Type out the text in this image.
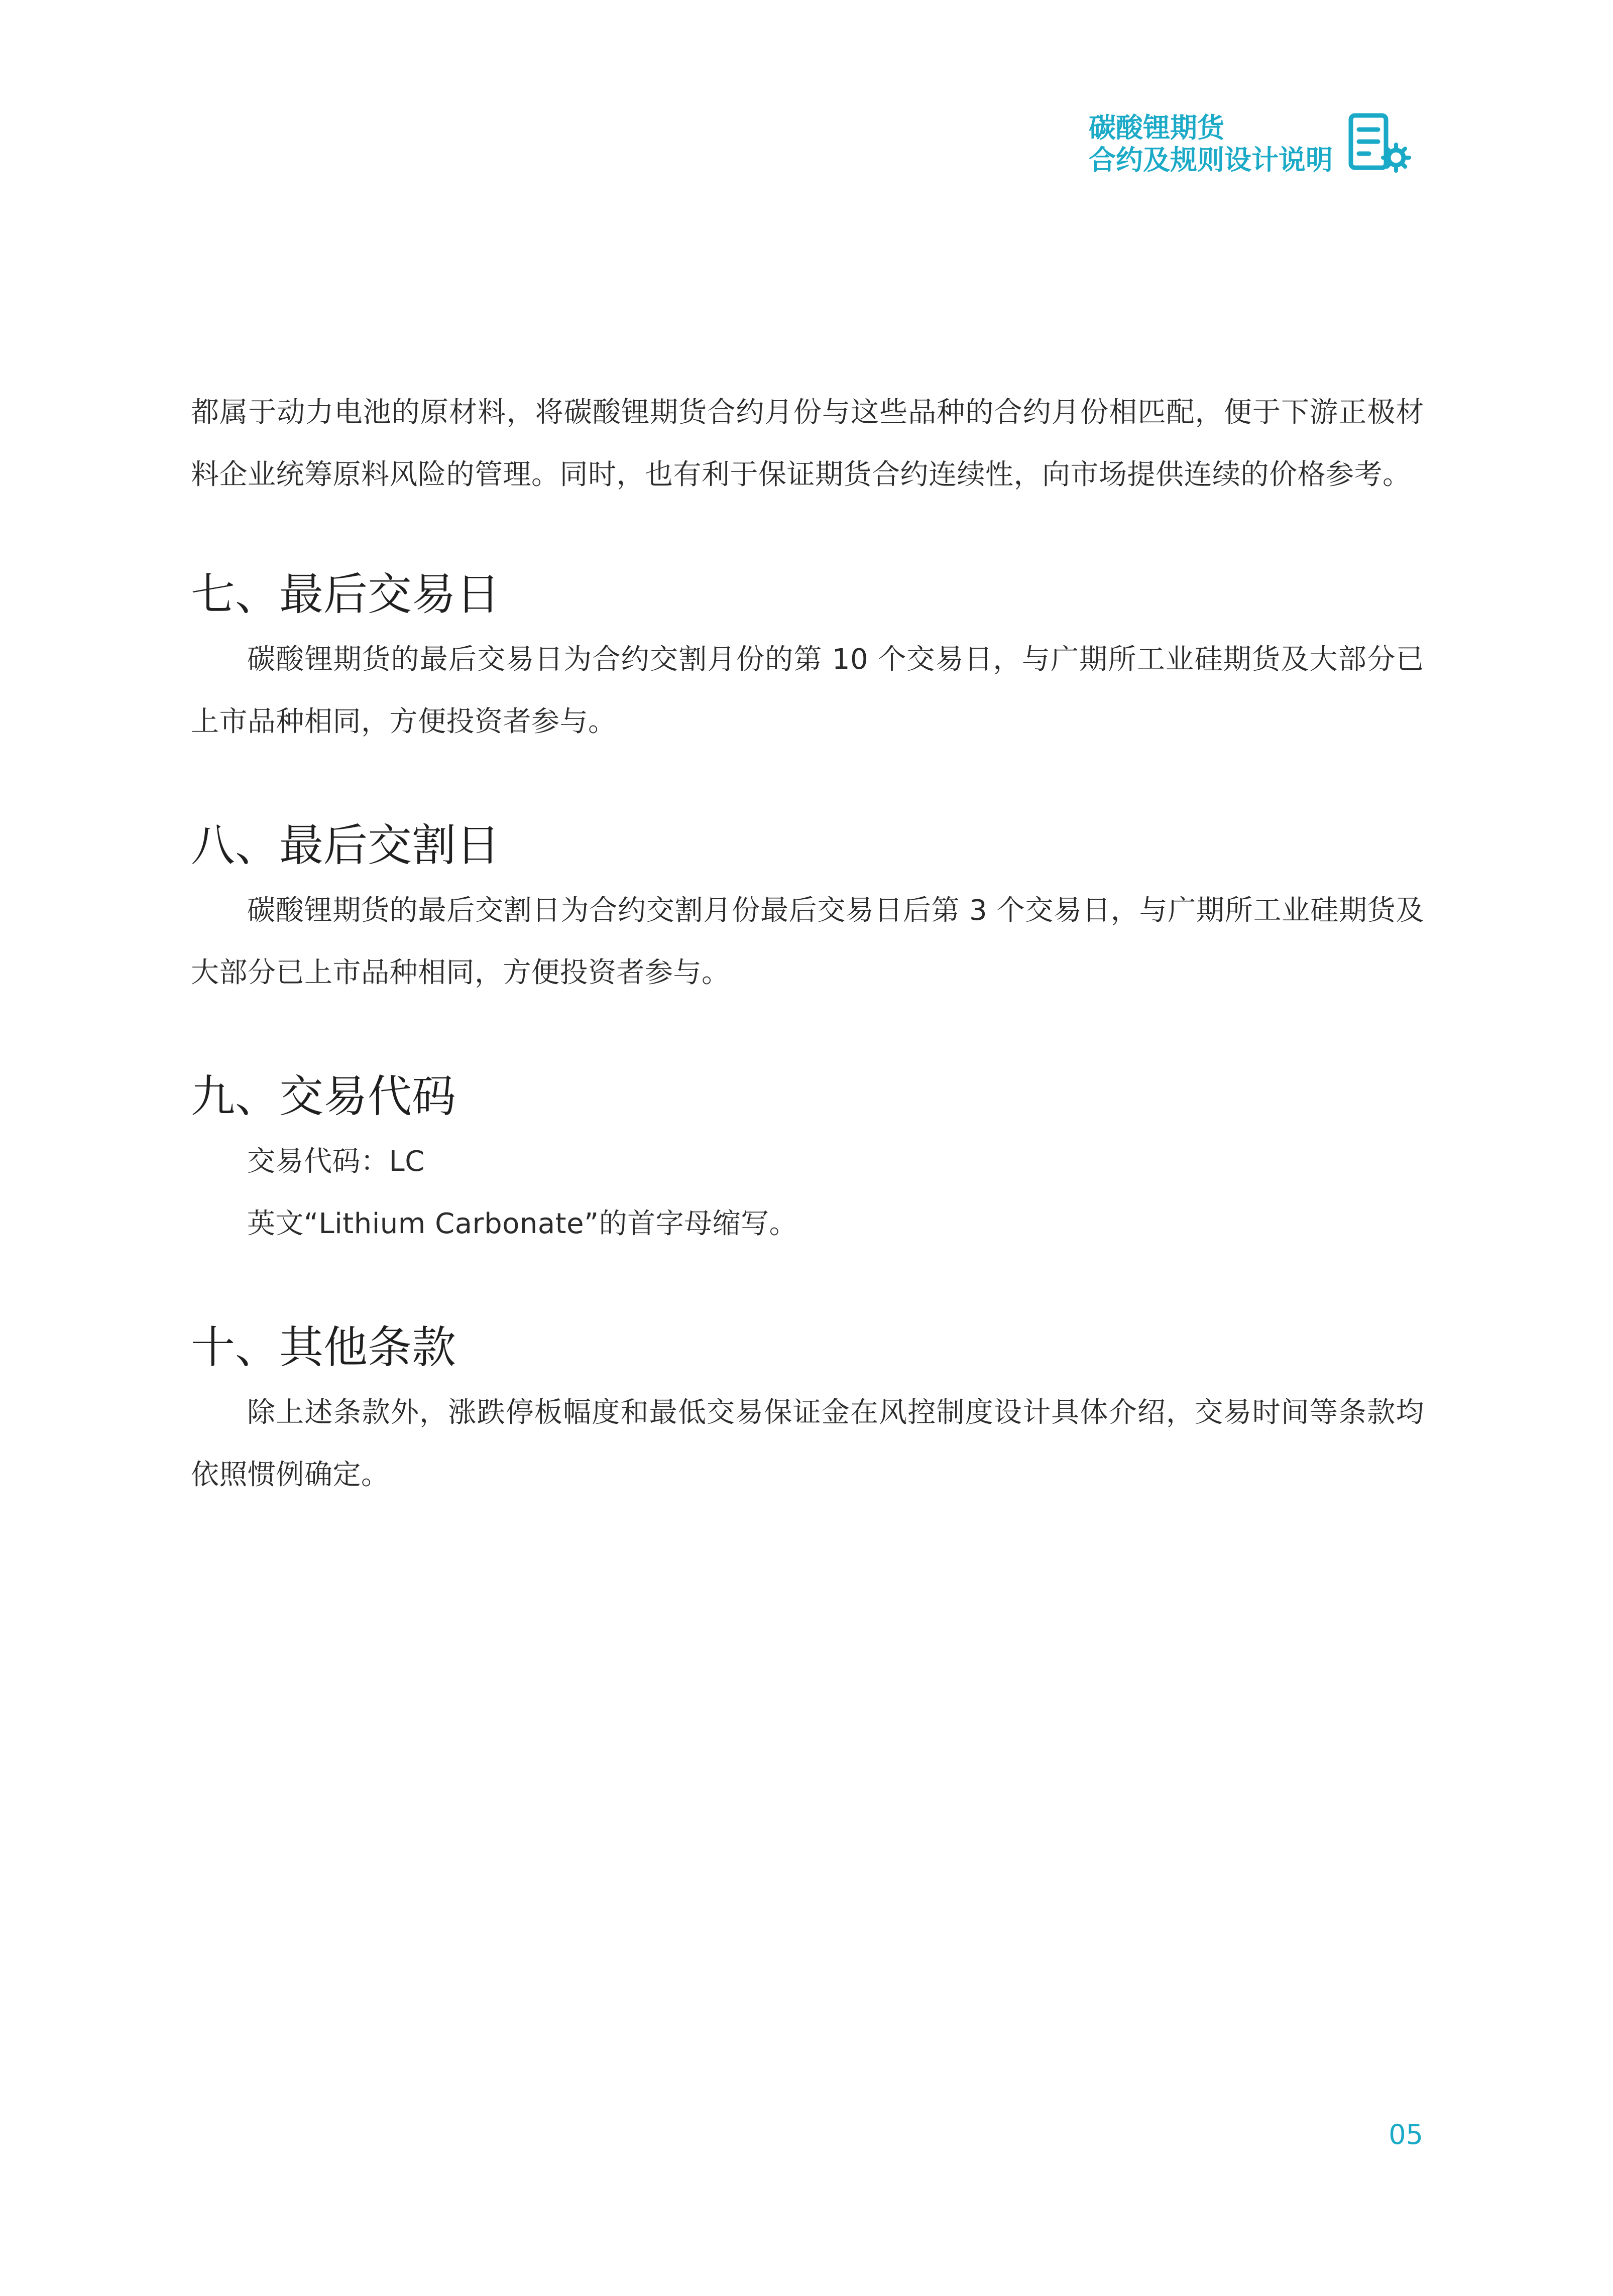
碳酸锂期货
合约及规则设计说明

都属于动力电池的原材料，将碳酸锂期货合约月份与这些品种的合约月份相匹配，便于下游正极材料企业统筹原料风险的管理。同时，也有利于保证期货合约连续性，向市场提供连续的价格参考。

七、最后交易日

碳酸锂期货的最后交易日为合约交割月份的第 10 个交易日，与广期所工业硅期货及大部分已上市品种相同，方便投资者参与。

八、最后交割日

碳酸锂期货的最后交割日为合约交割月份最后交易日后第 3 个交易日，与广期所工业硅期货及大部分已上市品种相同，方便投资者参与。

九、交易代码

交易代码：LC

英文“Lithium Carbonate”的首字母缩写。

十、其他条款

除上述条款外，涨跌停板幅度和最低交易保证金在风控制度设计具体介绍，交易时间等条款均依照惯例确定。

05
